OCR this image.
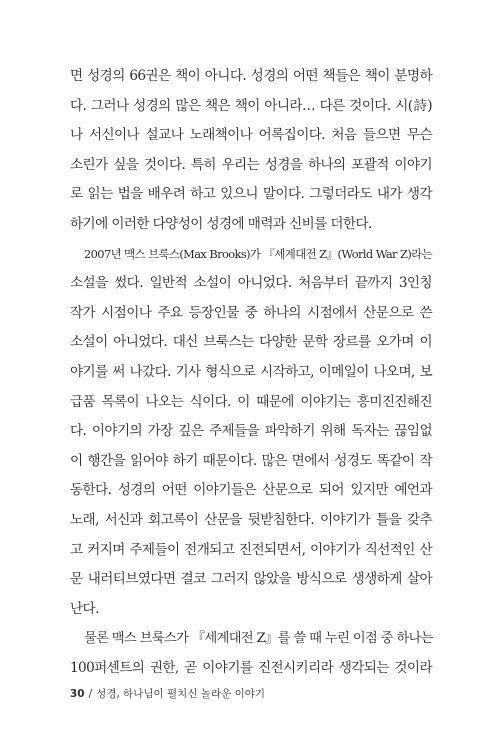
면 성경의 66권은 책이 아니다. 성경의 어떤 책들은 책이 분명하
다. 그러나 성경의 많은 책은 책이 아니라… 다른 것이다. 시(詩)
나 서신이나 설교나 노래책이나 어록집이다. 처음 들으면 무슨
소린가 싶을 것이다. 특히 우리는 성경을 하나의 포괄적 이야기
로 읽는 법을 배우려 하고 있으니 말이다. 그렇더라도 내가 생각
하기에 이러한 다양성이 성경에 매력과 신비를 더한다.
2007년 맥스 브룩스(Max Brooks)가 『세계대전 Z』(World War Z)라는
소설을 썼다. 일반적 소설이 아니었다. 처음부터 끝까지 3인칭
작가 시점이나 주요 등장인물 중 하나의 시점에서 산문으로 쓴
소설이 아니었다. 대신 브룩스는 다양한 문학 장르를 오가며 이
야기를 써 나갔다. 기사 형식으로 시작하고, 이메일이 나오며, 보
급품 목록이 나오는 식이다. 이 때문에 이야기는 흥미진진해진
다. 이야기의 가장 깊은 주제들을 파악하기 위해 독자는 끊임없
이 행간을 읽어야 하기 때문이다. 많은 면에서 성경도 똑같이 작
동한다. 성경의 어떤 이야기들은 산문으로 되어 있지만 예언과
노래, 서신과 회고록이 산문을 뒷받침한다. 이야기가 틀을 갖추
고 커지며 주제들이 전개되고 진전되면서, 이야기가 직선적인 산
문 내러티브였다면 결코 그러지 않았을 방식으로 생생하게 살아
난다.
물론 맥스 브룩스가 『세계대전 Z』를 쓸 때 누린 이점 중 하나는
100퍼센트의 권한, 곧 이야기를 진전시키리라 생각되는 것이라
30 / 성경, 하나님이 펼치신 놀라운 이야기
